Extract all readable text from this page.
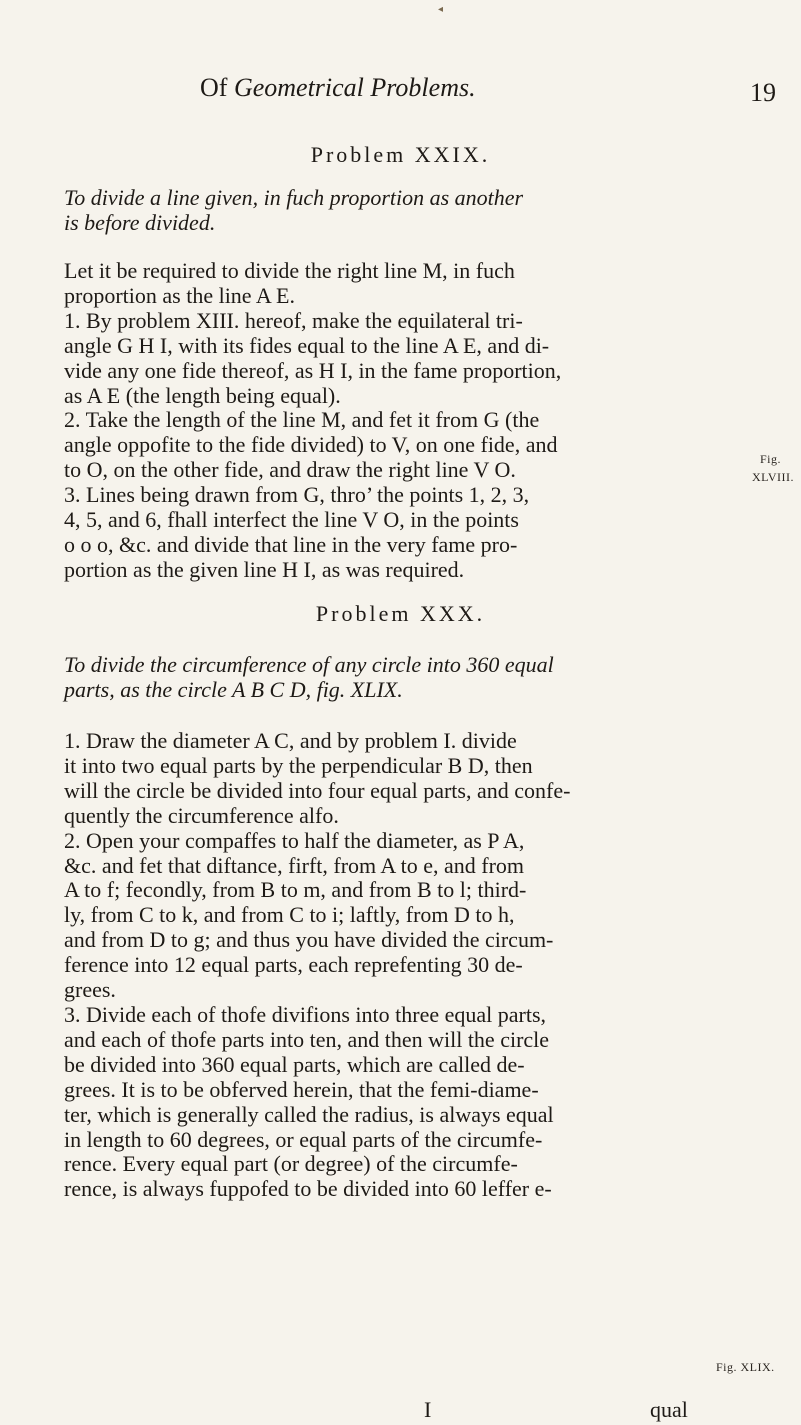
◂
Of Geometrical Problems.	19
Problem XXIX.
To divide a line given, in fuch proportion as another
is before divided.
Let it be required to divide the right line M, in fuch
proportion as the line A E.
1. By problem XIII. hereof, make the equilateral tri-
angle G H I, with its fides equal to the line A E, and di-
vide any one fide thereof, as H I, in the fame proportion,
as A E (the length being equal).
2. Take the length of the line M, and fet it from G (the
angle oppofite to the fide divided) to V, on one fide, and
to O, on the other fide, and draw the right line V O.
3. Lines being drawn from G, thro’ the points 1, 2, 3,
4, 5, and 6, fhall interfect the line V O, in the points
o o o, &c. and divide that line in the very fame pro-
portion as the given line H I, as was required.
Fig.
XLVIII.
Problem XXX.
To divide the circumference of any circle into 360 equal
parts, as the circle A B C D, fig. XLIX.
1. Draw the diameter A C, and by problem I. divide
it into two equal parts by the perpendicular B D, then
will the circle be divided into four equal parts, and confe-
quently the circumference alfo.
2. Open your compaffes to half the diameter, as P A,
&c. and fet that diftance, firft, from A to e, and from
A to f; fecondly, from B to m, and from B to l; third-
ly, from C to k, and from C to i; laftly, from D to h,
and from D to g; and thus you have divided the circum-
ference into 12 equal parts, each reprefenting 30 de-
grees.
3. Divide each of thofe divifions into three equal parts,
and each of thofe parts into ten, and then will the circle
be divided into 360 equal parts, which are called de-
grees. It is to be obferved herein, that the femi-diame-
ter, which is generally called the radius, is always equal
in length to 60 degrees, or equal parts of the circumfe-
rence. Every equal part (or degree) of the circumfe-
rence, is always fuppofed to be divided into 60 leffer e-
Fig. XLIX.
I	qual
